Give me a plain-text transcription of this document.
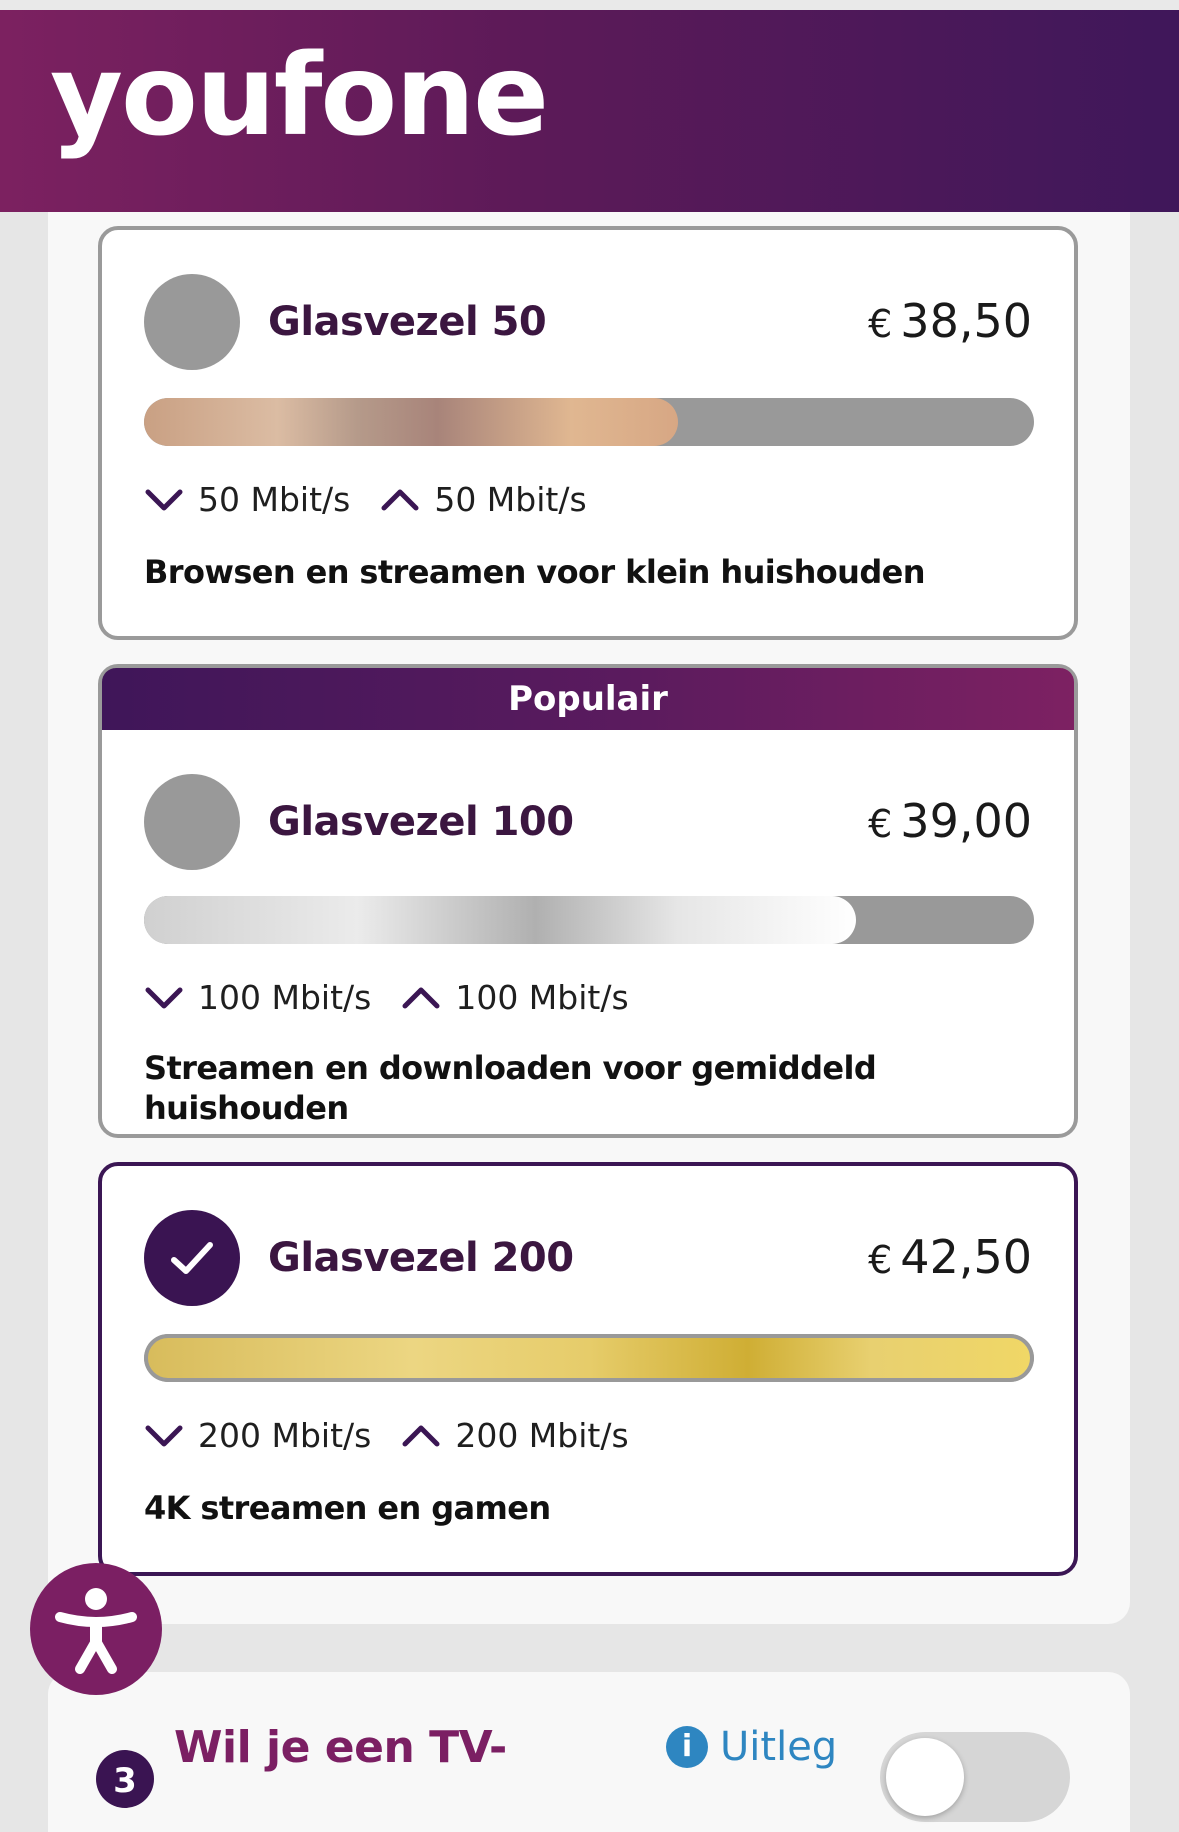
youfone
Glasvezel 50	€ 38,50
50 Mbit/s	50 Mbit/s
Browsen en streamen voor klein huishouden
Populair
Glasvezel 100	€ 39,00
100 Mbit/s	100 Mbit/s
Streamen en downloaden voor gemiddeld huishouden
Glasvezel 200	€ 42,50
200 Mbit/s	200 Mbit/s
4K streamen en gamen
3
Wil je een TV-	i Uitleg
